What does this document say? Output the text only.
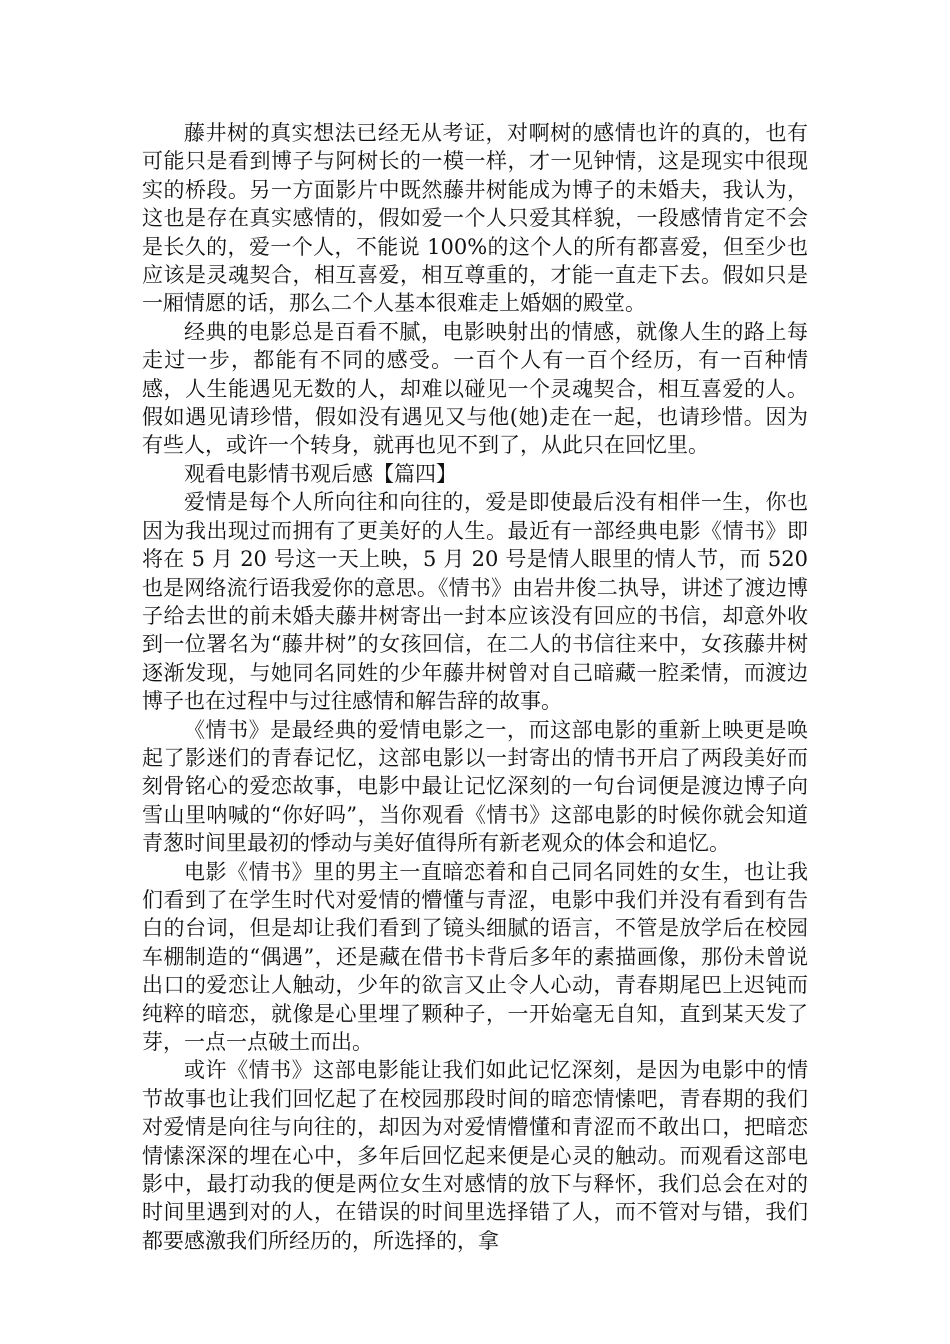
藤井树的真实想法已经无从考证，对啊树的感情也许的真的，也有可能只是看到博子与阿树长的一模一样，才一见钟情，这是现实中很现实的桥段。另一方面影片中既然藤井树能成为博子的未婚夫，我认为，这也是存在真实感情的，假如爱一个人只爱其样貌，一段感情肯定不会是长久的，爱一个人，不能说 100%的这个人的所有都喜爱，但至少也应该是灵魂契合，相互喜爱，相互尊重的，才能一直走下去。假如只是一厢情愿的话，那么二个人基本很难走上婚姻的殿堂。

经典的电影总是百看不腻，电影映射出的情感，就像人生的路上每走过一步，都能有不同的感受。一百个人有一百个经历，有一百种情感，人生能遇见无数的人，却难以碰见一个灵魂契合，相互喜爱的人。假如遇见请珍惜，假如没有遇见又与他(她)走在一起，也请珍惜。因为有些人，或许一个转身，就再也见不到了，从此只在回忆里。

观看电影情书观后感【篇四】

爱情是每个人所向往和向往的，爱是即使最后没有相伴一生，你也因为我出现过而拥有了更美好的人生。最近有一部经典电影《情书》即将在 5 月 20 号这一天上映，5 月 20 号是情人眼里的情人节，而 520 也是网络流行语我爱你的意思。《情书》由岩井俊二执导，讲述了渡边博子给去世的前未婚夫藤井树寄出一封本应该没有回应的书信，却意外收到一位署名为“藤井树”的女孩回信，在二人的书信往来中，女孩藤井树逐渐发现，与她同名同姓的少年藤井树曾对自己暗藏一腔柔情，而渡边博子也在过程中与过往感情和解告辞的故事。

《情书》是最经典的爱情电影之一，而这部电影的重新上映更是唤起了影迷们的青春记忆，这部电影以一封寄出的情书开启了两段美好而刻骨铭心的爱恋故事，电影中最让记忆深刻的一句台词便是渡边博子向雪山里呐喊的“你好吗”，当你观看《情书》这部电影的时候你就会知道青葱时间里最初的悸动与美好值得所有新老观众的体会和追忆。

电影《情书》里的男主一直暗恋着和自己同名同姓的女生，也让我们看到了在学生时代对爱情的懵懂与青涩，电影中我们并没有看到有告白的台词，但是却让我们看到了镜头细腻的语言，不管是放学后在校园车棚制造的“偶遇”，还是藏在借书卡背后多年的素描画像，那份未曾说出口的爱恋让人触动，少年的欲言又止令人心动，青春期尾巴上迟钝而纯粹的暗恋，就像是心里埋了颗种子，一开始毫无自知，直到某天发了芽，一点一点破土而出。

或许《情书》这部电影能让我们如此记忆深刻，是因为电影中的情节故事也让我们回忆起了在校园那段时间的暗恋情愫吧，青春期的我们对爱情是向往与向往的，却因为对爱情懵懂和青涩而不敢出口，把暗恋情愫深深的埋在心中，多年后回忆起来便是心灵的触动。而观看这部电影中，最打动我的便是两位女生对感情的放下与释怀，我们总会在对的时间里遇到对的人，在错误的时间里选择错了人，而不管对与错，我们都要感激我们所经历的，所选择的，拿
